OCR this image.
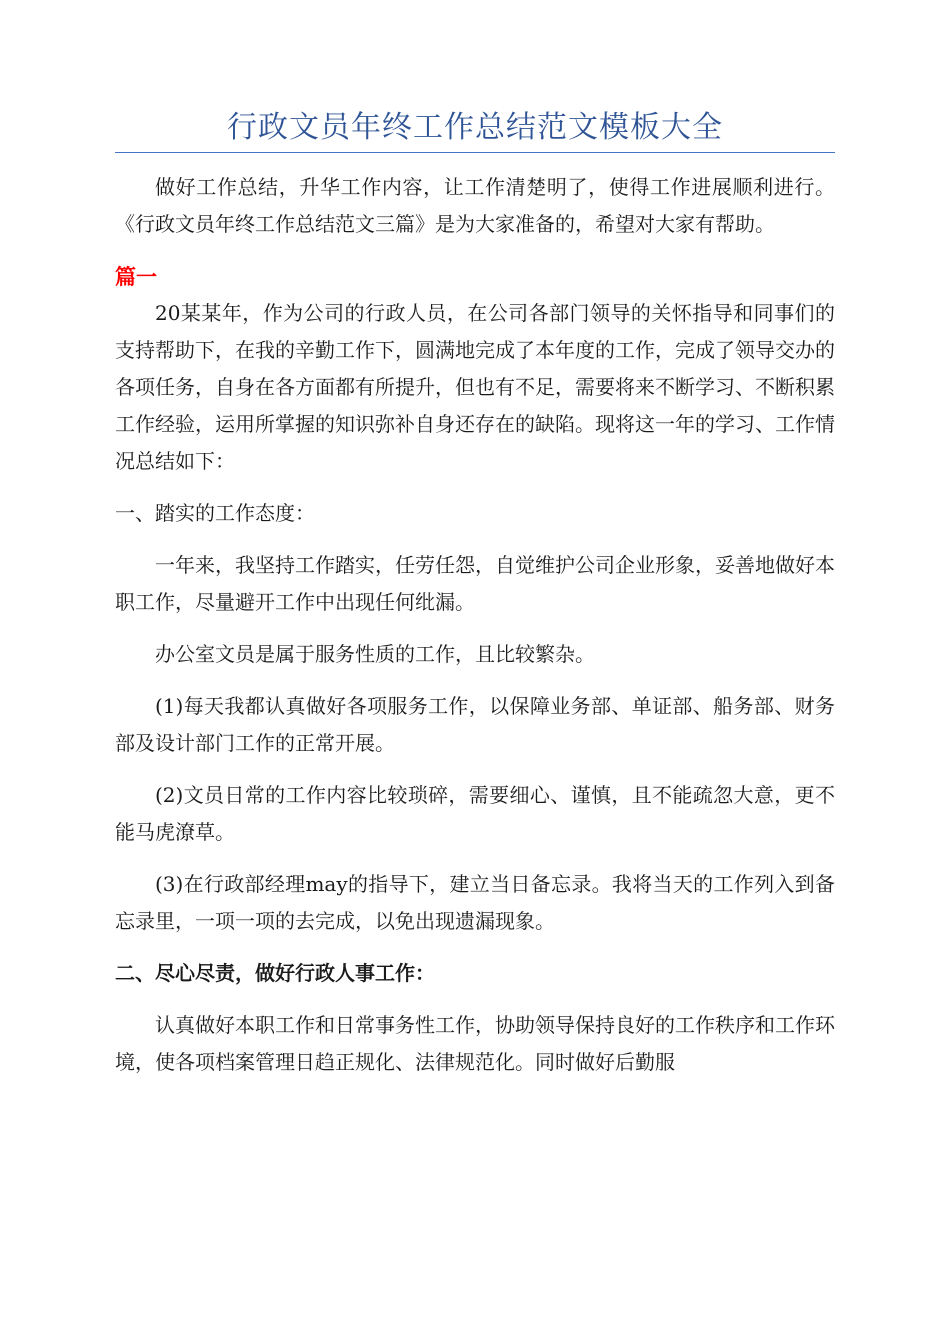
行政文员年终工作总结范文模板大全

做好工作总结，升华工作内容，让工作清楚明了，使得工作进展顺利进行。《行政文员年终工作总结范文三篇》是为大家准备的，希望对大家有帮助。

篇一

20某某年，作为公司的行政人员，在公司各部门领导的关怀指导和同事们的支持帮助下，在我的辛勤工作下，圆满地完成了本年度的工作，完成了领导交办的各项任务，自身在各方面都有所提升，但也有不足，需要将来不断学习、不断积累工作经验，运用所掌握的知识弥补自身还存在的缺陷。现将这一年的学习、工作情况总结如下：

一、踏实的工作态度：

一年来，我坚持工作踏实，任劳任怨，自觉维护公司企业形象，妥善地做好本职工作，尽量避开工作中出现任何纰漏。

办公室文员是属于服务性质的工作，且比较繁杂。

(1)每天我都认真做好各项服务工作，以保障业务部、单证部、船务部、财务部及设计部门工作的正常开展。

(2)文员日常的工作内容比较琐碎，需要细心、谨慎，且不能疏忽大意，更不能马虎潦草。

(3)在行政部经理may的指导下，建立当日备忘录。我将当天的工作列入到备忘录里，一项一项的去完成，以免出现遗漏现象。

二、尽心尽责，做好行政人事工作：

认真做好本职工作和日常事务性工作，协助领导保持良好的工作秩序和工作环境，使各项档案管理日趋正规化、法律规范化。同时做好后勤服
